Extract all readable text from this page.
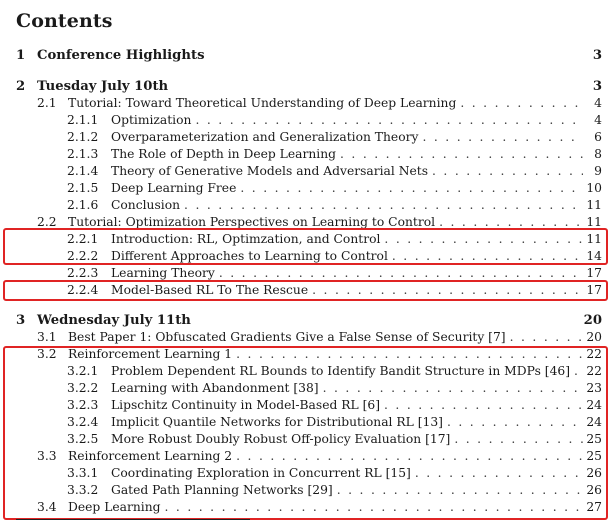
Contents
1 Conference Highlights	3
2 Tuesday July 10th	3
2.1 Tutorial: Toward Theoretical Understanding of Deep Learning . . .	4
2.1.1	Optimization . . .	4
2.1.2	Overparameterization and Generalization Theory . . .	6
2.1.3	The Role of Depth in Deep Learning . . .	8
2.1.4	Theory of Generative Models and Adversarial Nets . . .	9
2.1.5	Deep Learning Free . . .	10
2.1.6	Conclusion . . .	11
2.2 Tutorial: Optimization Perspectives on Learning to Control . . .	11
2.2.1	Introduction: RL, Optimzation, and Control . . .	11
2.2.2	Different Approaches to Learning to Control . . .	14
2.2.3	Learning Theory . . .	17
2.2.4	Model-Based RL To The Rescue . . .	17
3 Wednesday July 11th	20
3.1 Best Paper 1: Obfuscated Gradients Give a False Sense of Security [7] . . .	20
3.2 Reinforcement Learning 1 . . .	22
3.2.1	Problem Dependent RL Bounds to Identify Bandit Structure in MDPs [46] . . . 22
3.2.2	Learning with Abandonment [38] . . .	23
3.2.3	Lipschitz Continuity in Model-Based RL [6] . . .	24
3.2.4	Implicit Quantile Networks for Distributional RL [13] . . .	24
3.2.5	More Robust Doubly Robust Off-policy Evaluation [17] . . .	25
3.3 Reinforcement Learning 2 . . .	25
3.3.1	Coordinating Exploration in Concurrent RL [15] . . .	26
3.3.2	Gated Path Planning Networks [29] . . .	26
3.4 Deep Learning . . .	27
